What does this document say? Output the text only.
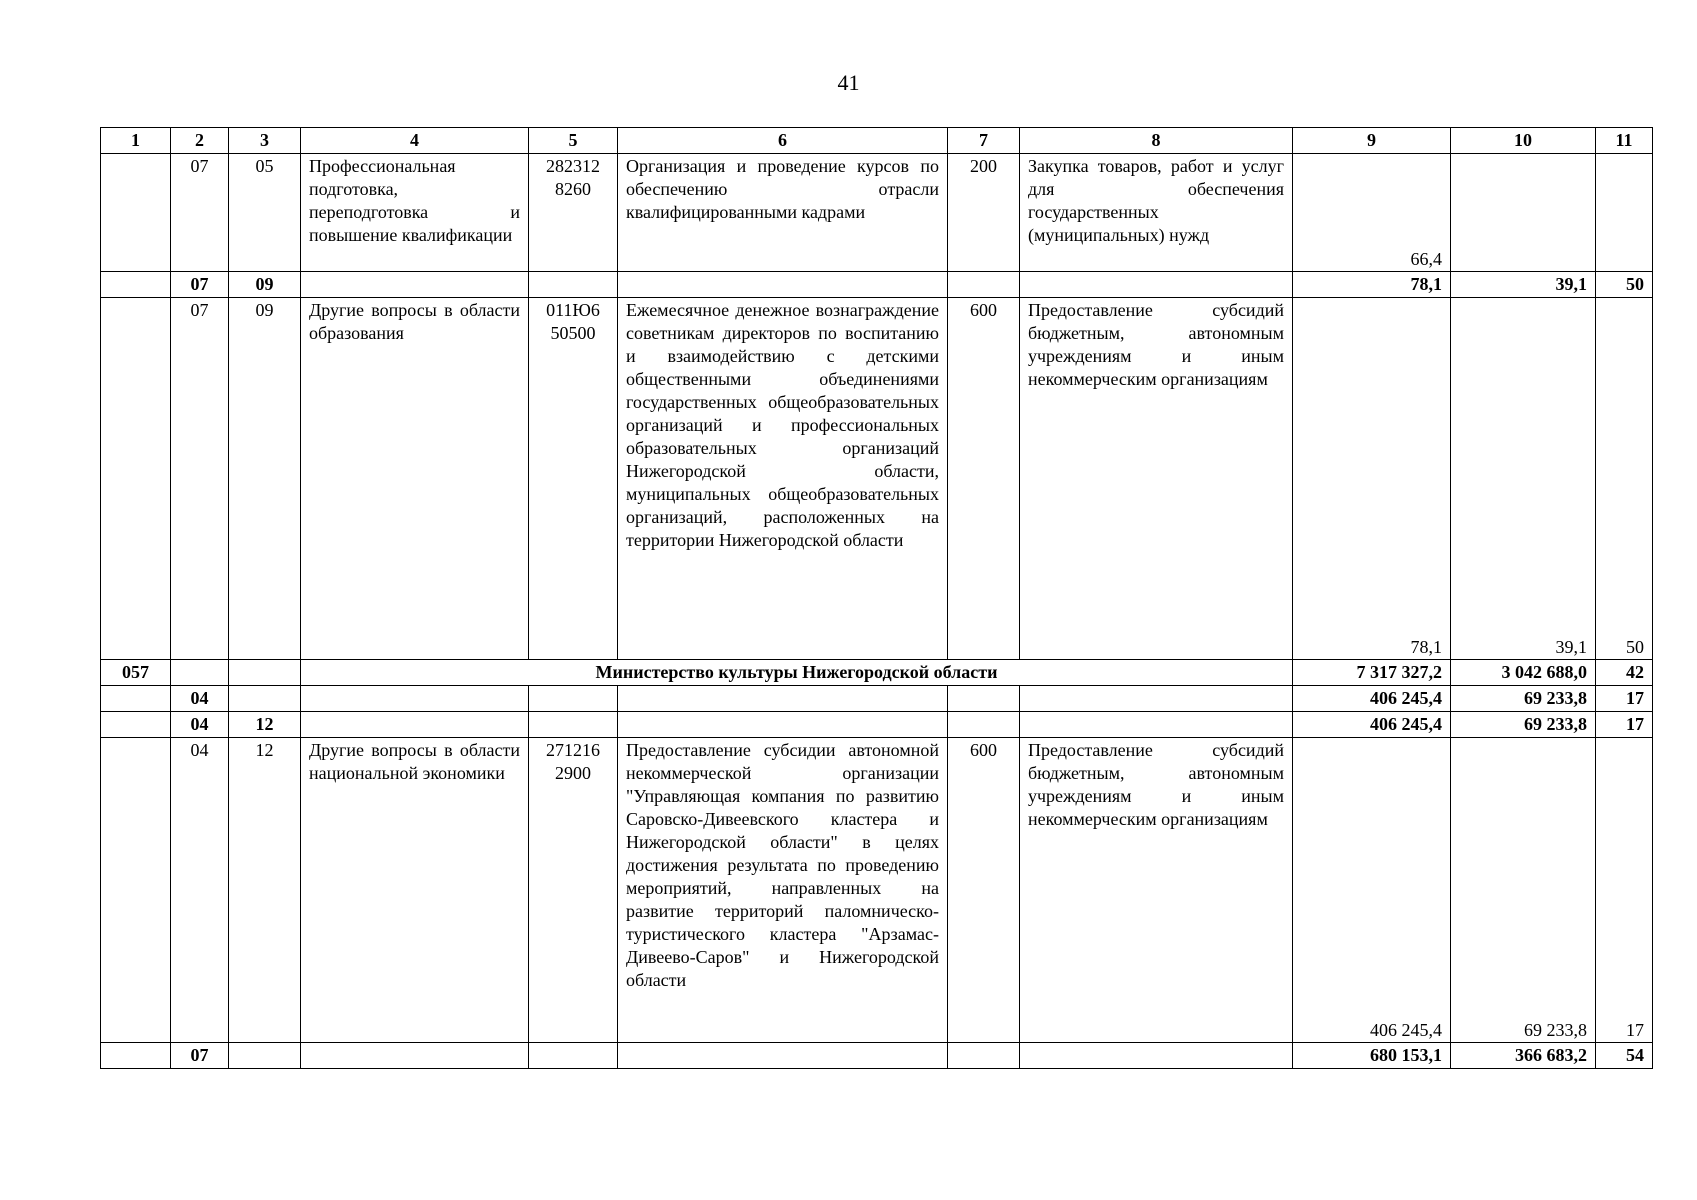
41
1	2	3	4	5	6	7	8	9	10	11
	07	05	Профессиональная подготовка, переподготовка и повышение квалификации	282312 8260	Организация и проведение курсов по обеспечению отрасли квалифицированными кадрами	200	Закупка товаров, работ и услуг для обеспечения государственных (муниципальных) нужд	66,4		
	07	09						78,1	39,1	50
	07	09	Другие вопросы в области образования	011Ю6 50500	Ежемесячное денежное вознаграждение советникам директоров по воспитанию и взаимодействию с детскими общественными объединениями государственных общеобразовательных организаций и профессиональных образовательных организаций Нижегородской области, муниципальных общеобразовательных организаций, расположенных на территории Нижегородской области	600	Предоставление субсидий бюджетным, автономным учреждениям и иным некоммерческим организациям	78,1	39,1	50
057			Министерство культуры Нижегородской области					7 317 327,2	3 042 688,0	42
	04							406 245,4	69 233,8	17
	04	12						406 245,4	69 233,8	17
	04	12	Другие вопросы в области национальной экономики	271216 2900	Предоставление субсидии автономной некоммерческой организации "Управляющая компания по развитию Саровско-Дивеевского кластера и Нижегородской области" в целях достижения результата по проведению мероприятий, направленных на развитие территорий паломническо-туристического кластера "Арзамас-Дивеево-Саров" и Нижегородской области	600	Предоставление субсидий бюджетным, автономным учреждениям и иным некоммерческим организациям	406 245,4	69 233,8	17
	07							680 153,1	366 683,2	54
